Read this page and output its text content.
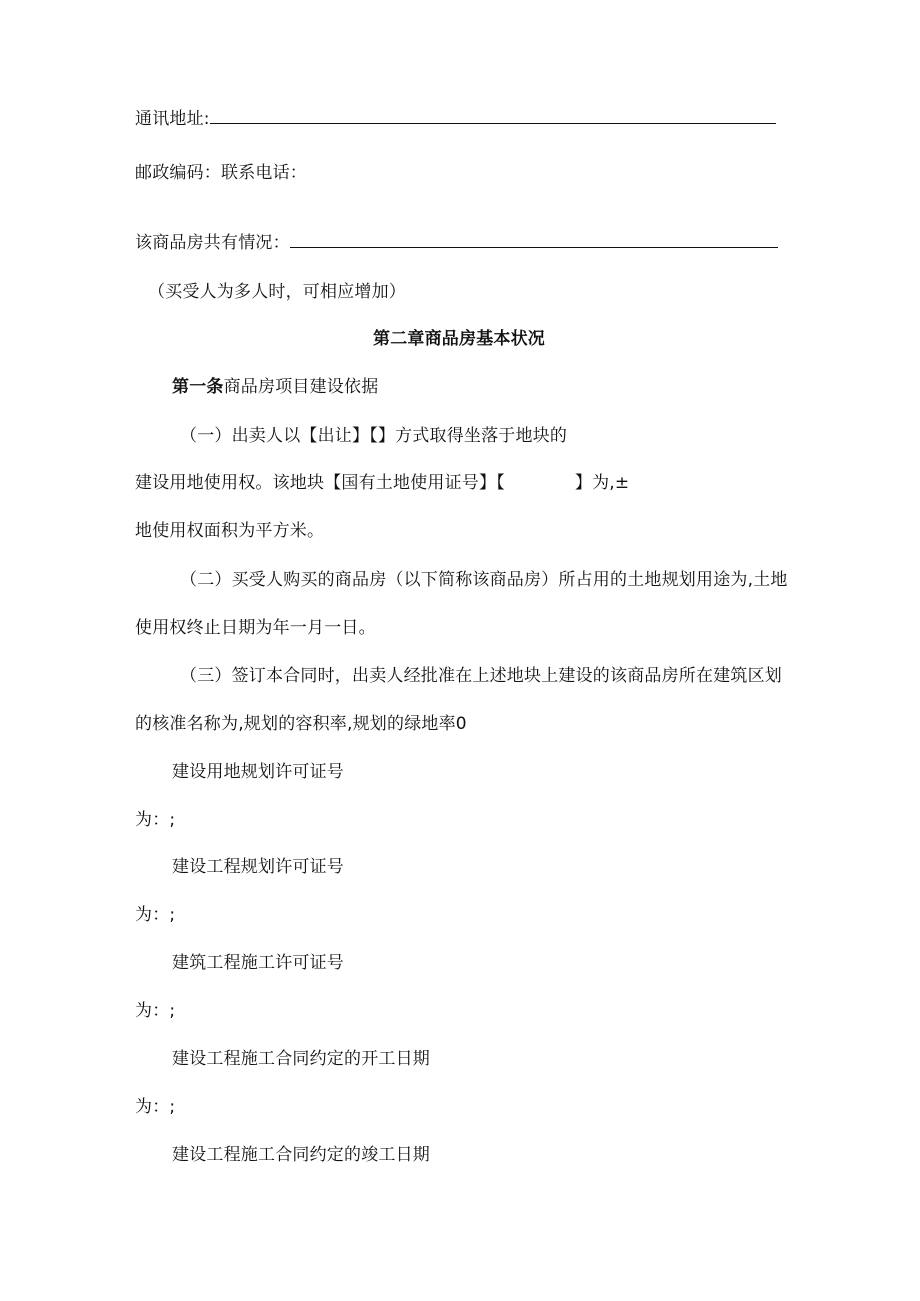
通讯地址:
邮政编码：联系电话：
该商品房共有情况：
（买受人为多人时，可相应增加）
第二章商品房基本状况
第一条商品房项目建设依据
（一）出卖人以【出让】【】方式取得坐落于地块的
建设用地使用权。该地块【国有土地使用证号】【	】为,±
地使用权面积为平方米。
（二）买受人购买的商品房（以下简称该商品房）所占用的土地规划用途为,土地
使用权终止日期为年一月一日。
（三）签订本合同时，出卖人经批准在上述地块上建设的该商品房所在建筑区划
的核准名称为,规划的容积率,规划的绿地率0
建设用地规划许可证号
为：;
建设工程规划许可证号
为：;
建筑工程施工许可证号
为：;
建设工程施工合同约定的开工日期
为：;
建设工程施工合同约定的竣工日期
